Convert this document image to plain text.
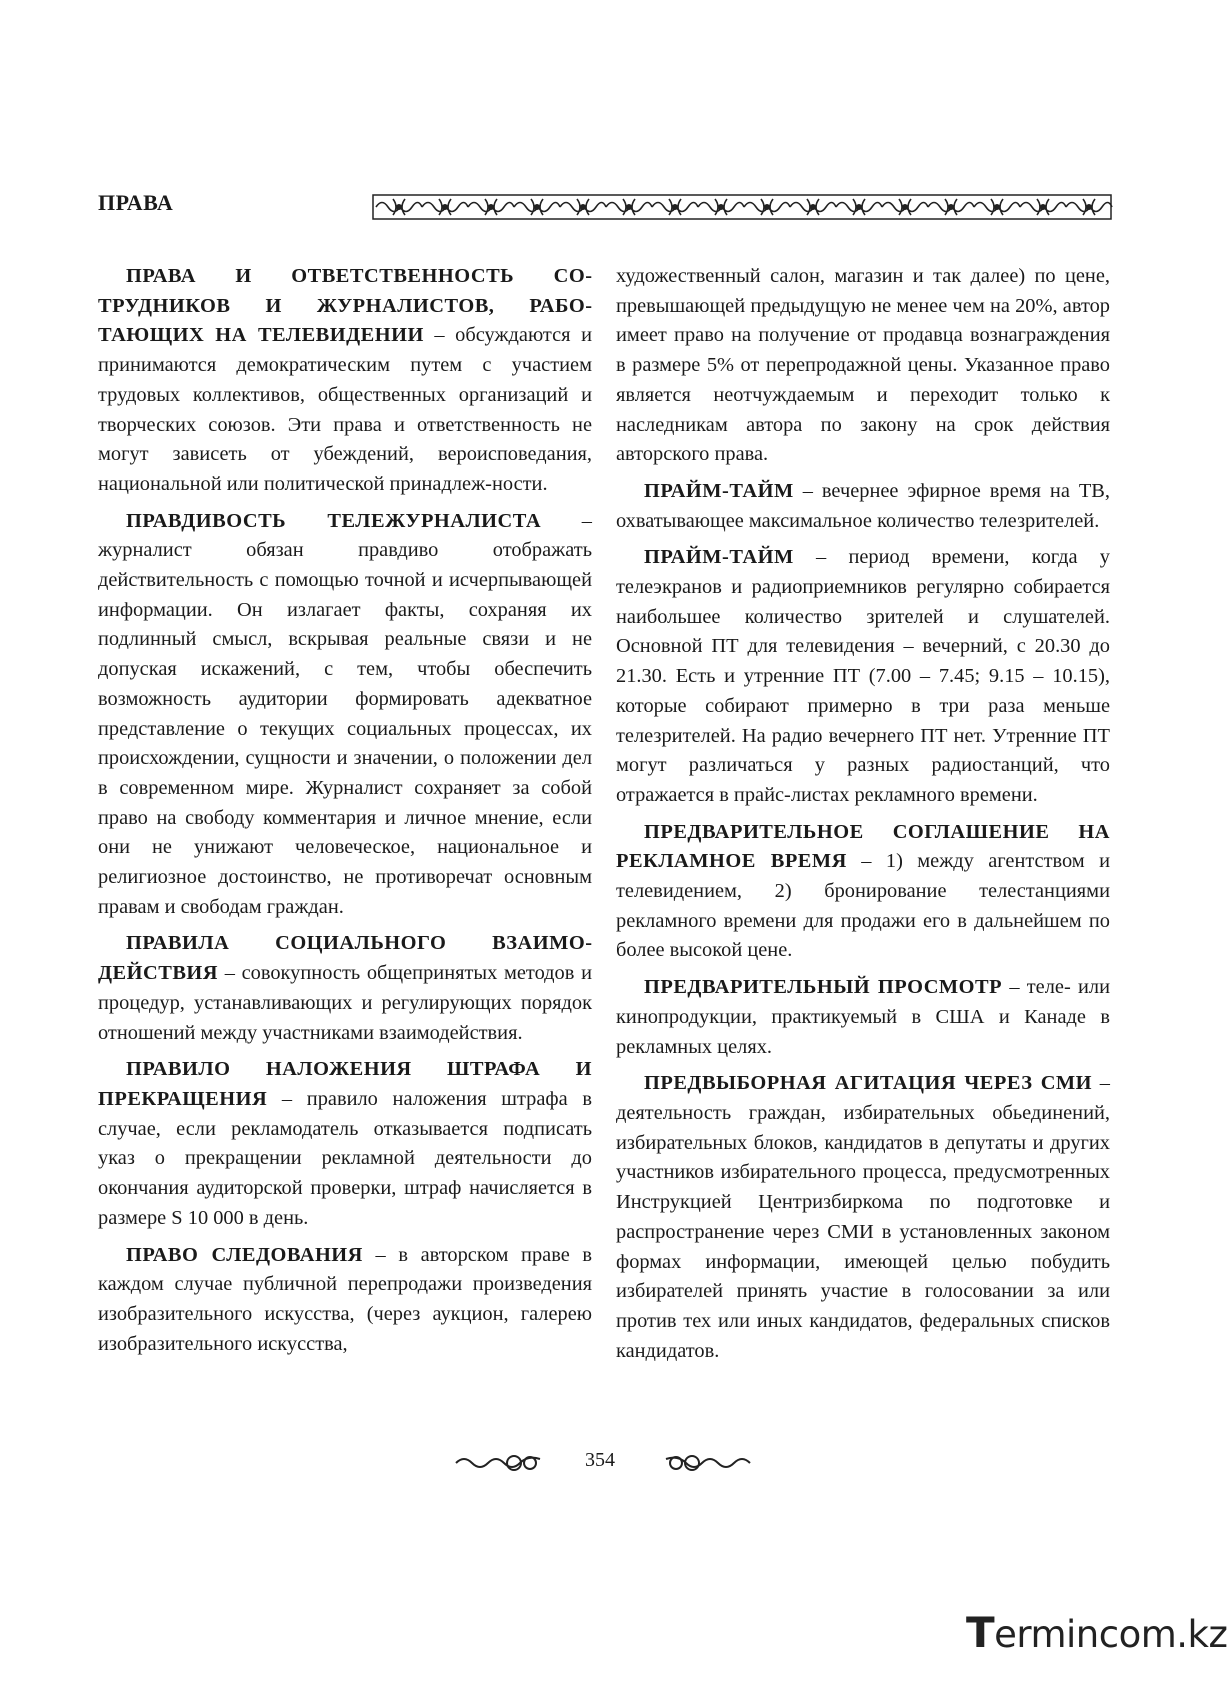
ПРАВА

ПРАВА И ОТВЕТСТВЕННОСТЬ СОТРУДНИКОВ И ЖУРНАЛИСТОВ, РАБОТАЮЩИХ НА ТЕЛЕВИДЕНИИ – обсуждаются и принимаются демократическим путем с участием трудовых коллективов, общественных организаций и творческих союзов. Эти права и ответственность не могут зависеть от убеждений, вероисповедания, национальной или политической принадлеж-ности.

ПРАВДИВОСТЬ ТЕЛЕЖУРНАЛИСТА – журналист обязан правдиво отображать действительность с помощью точной и исчерпывающей информации. Он излагает факты, сохраняя их подлинный смысл, вскрывая реальные связи и не допуская искажений, с тем, чтобы обеспечить возможность аудитории формировать адекватное представление о текущих социальных процессах, их происхождении, сущности и значении, о положении дел в современном мире. Журналист сохраняет за собой право на свободу комментария и личное мнение, если они не унижают человеческое, национальное и религиозное достоинство, не противоречат основным правам и свободам граждан.

ПРАВИЛА СОЦИАЛЬНОГО ВЗАИМОДЕЙСТВИЯ – совокупность общепринятых методов и процедур, устанавливающих и регулирующих порядок отношений между участниками взаимодействия.

ПРАВИЛО НАЛОЖЕНИЯ ШТРАФА И ПРЕКРАЩЕНИЯ – правило наложения штрафа в случае, если рекламодатель отказывается подписать указ о прекращении рекламной деятельности до окончания аудиторской проверки, штраф начисляется в размере S 10 000 в день.

ПРАВО СЛЕДОВАНИЯ – в авторском праве в каждом случае публичной перепродажи произведения изобразительного искусства, (через аукцион, галерею изобразительного искусства,

художественный салон, магазин и так далее) по цене, превышающей предыдущую не менее чем на 20%, автор имеет право на получение от продавца вознаграждения в размере 5% от перепродажной цены. Указанное право является неотчуждаемым и переходит только к наследникам автора по закону на срок действия авторского права.

ПРАЙМ-ТАЙМ – вечернее эфирное время на ТВ, охватывающее максимальное количество телезрителей.

ПРАЙМ-ТАЙМ – период времени, когда у телеэкранов и радиоприемников регулярно собирается наибольшее количество зрителей и слушателей. Основной ПТ для телевидения – вечерний, с 20.30 до 21.30. Есть и утренние ПТ (7.00 – 7.45; 9.15 – 10.15), которые собирают примерно в три раза меньше телезрителей. На радио вечернего ПТ нет. Утренние ПТ могут различаться у разных радиостанций, что отражается в прайс-листах рекламного времени.

ПРЕДВАРИТЕЛЬНОЕ СОГЛАШЕНИЕ НА РЕКЛАМНОЕ ВРЕМЯ – 1) между агентством и телевидением, 2) бронирование телестанциями рекламного времени для продажи его в дальнейшем по более высокой цене.

ПРЕДВАРИТЕЛЬНЫЙ ПРОСМОТР – теле- или кинопродукции, практикуемый в США и Канаде в рекламных целях.

ПРЕДВЫБОРНАЯ АГИТАЦИЯ ЧЕРЕЗ СМИ – деятельность граждан, избирательных обьединений, избирательных блоков, кандидатов в депутаты и других участников избирательного процесса, предусмотренных Инструкцией Центризбиркома по подготовке и распространение через СМИ в установленных законом формах информации, имеющей целью побудить избирателей принять участие в голосовании за или против тех или иных кандидатов, федеральных списков кандидатов.

354
Termincom.kz
